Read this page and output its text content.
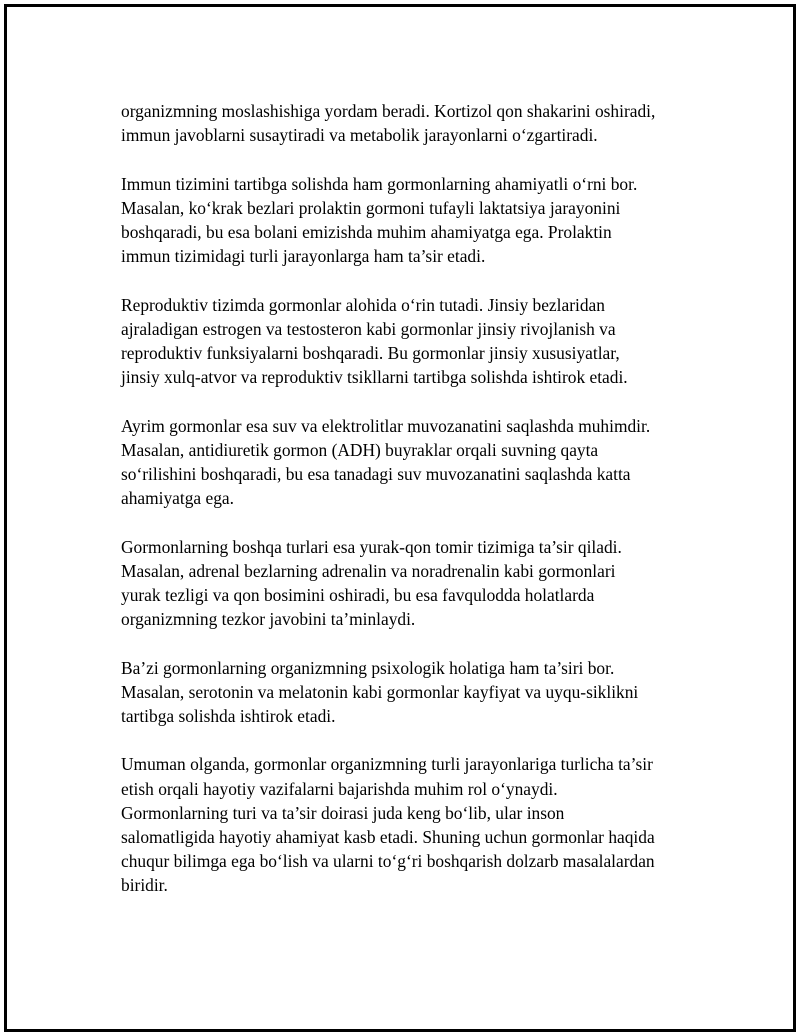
organizmning moslashishiga yordam beradi. Kortizol qon shakarini oshiradi,
immun javoblarni susaytiradi va metabolik jarayonlarni o‘zgartiradi.

Immun tizimini tartibga solishda ham gormonlarning ahamiyatli o‘rni bor.
Masalan, ko‘krak bezlari prolaktin gormoni tufayli laktatsiya jarayonini
boshqaradi, bu esa bolani emizishda muhim ahamiyatga ega. Prolaktin
immun tizimidagi turli jarayonlarga ham ta’sir etadi.

Reproduktiv tizimda gormonlar alohida o‘rin tutadi. Jinsiy bezlaridan
ajraladigan estrogen va testosteron kabi gormonlar jinsiy rivojlanish va
reproduktiv funksiyalarni boshqaradi. Bu gormonlar jinsiy xususiyatlar,
jinsiy xulq-atvor va reproduktiv tsikllarni tartibga solishda ishtirok etadi.

Ayrim gormonlar esa suv va elektrolitlar muvozanatini saqlashda muhimdir.
Masalan, antidiuretik gormon (ADH) buyraklar orqali suvning qayta
so‘rilishini boshqaradi, bu esa tanadagi suv muvozanatini saqlashda katta
ahamiyatga ega.

Gormonlarning boshqa turlari esa yurak-qon tomir tizimiga ta’sir qiladi.
Masalan, adrenal bezlarning adrenalin va noradrenalin kabi gormonlari
yurak tezligi va qon bosimini oshiradi, bu esa favqulodda holatlarda
organizmning tezkor javobini ta’minlaydi.

Ba’zi gormonlarning organizmning psixologik holatiga ham ta’siri bor.
Masalan, serotonin va melatonin kabi gormonlar kayfiyat va uyqu-siklikni
tartibga solishda ishtirok etadi.

Umuman olganda, gormonlar organizmning turli jarayonlariga turlicha ta’sir
etish orqali hayotiy vazifalarni bajarishda muhim rol o‘ynaydi.
Gormonlarning turi va ta’sir doirasi juda keng bo‘lib, ular inson
salomatligida hayotiy ahamiyat kasb etadi. Shuning uchun gormonlar haqida
chuqur bilimga ega bo‘lish va ularni to‘g‘ri boshqarish dolzarb masalalardan
biridir.
